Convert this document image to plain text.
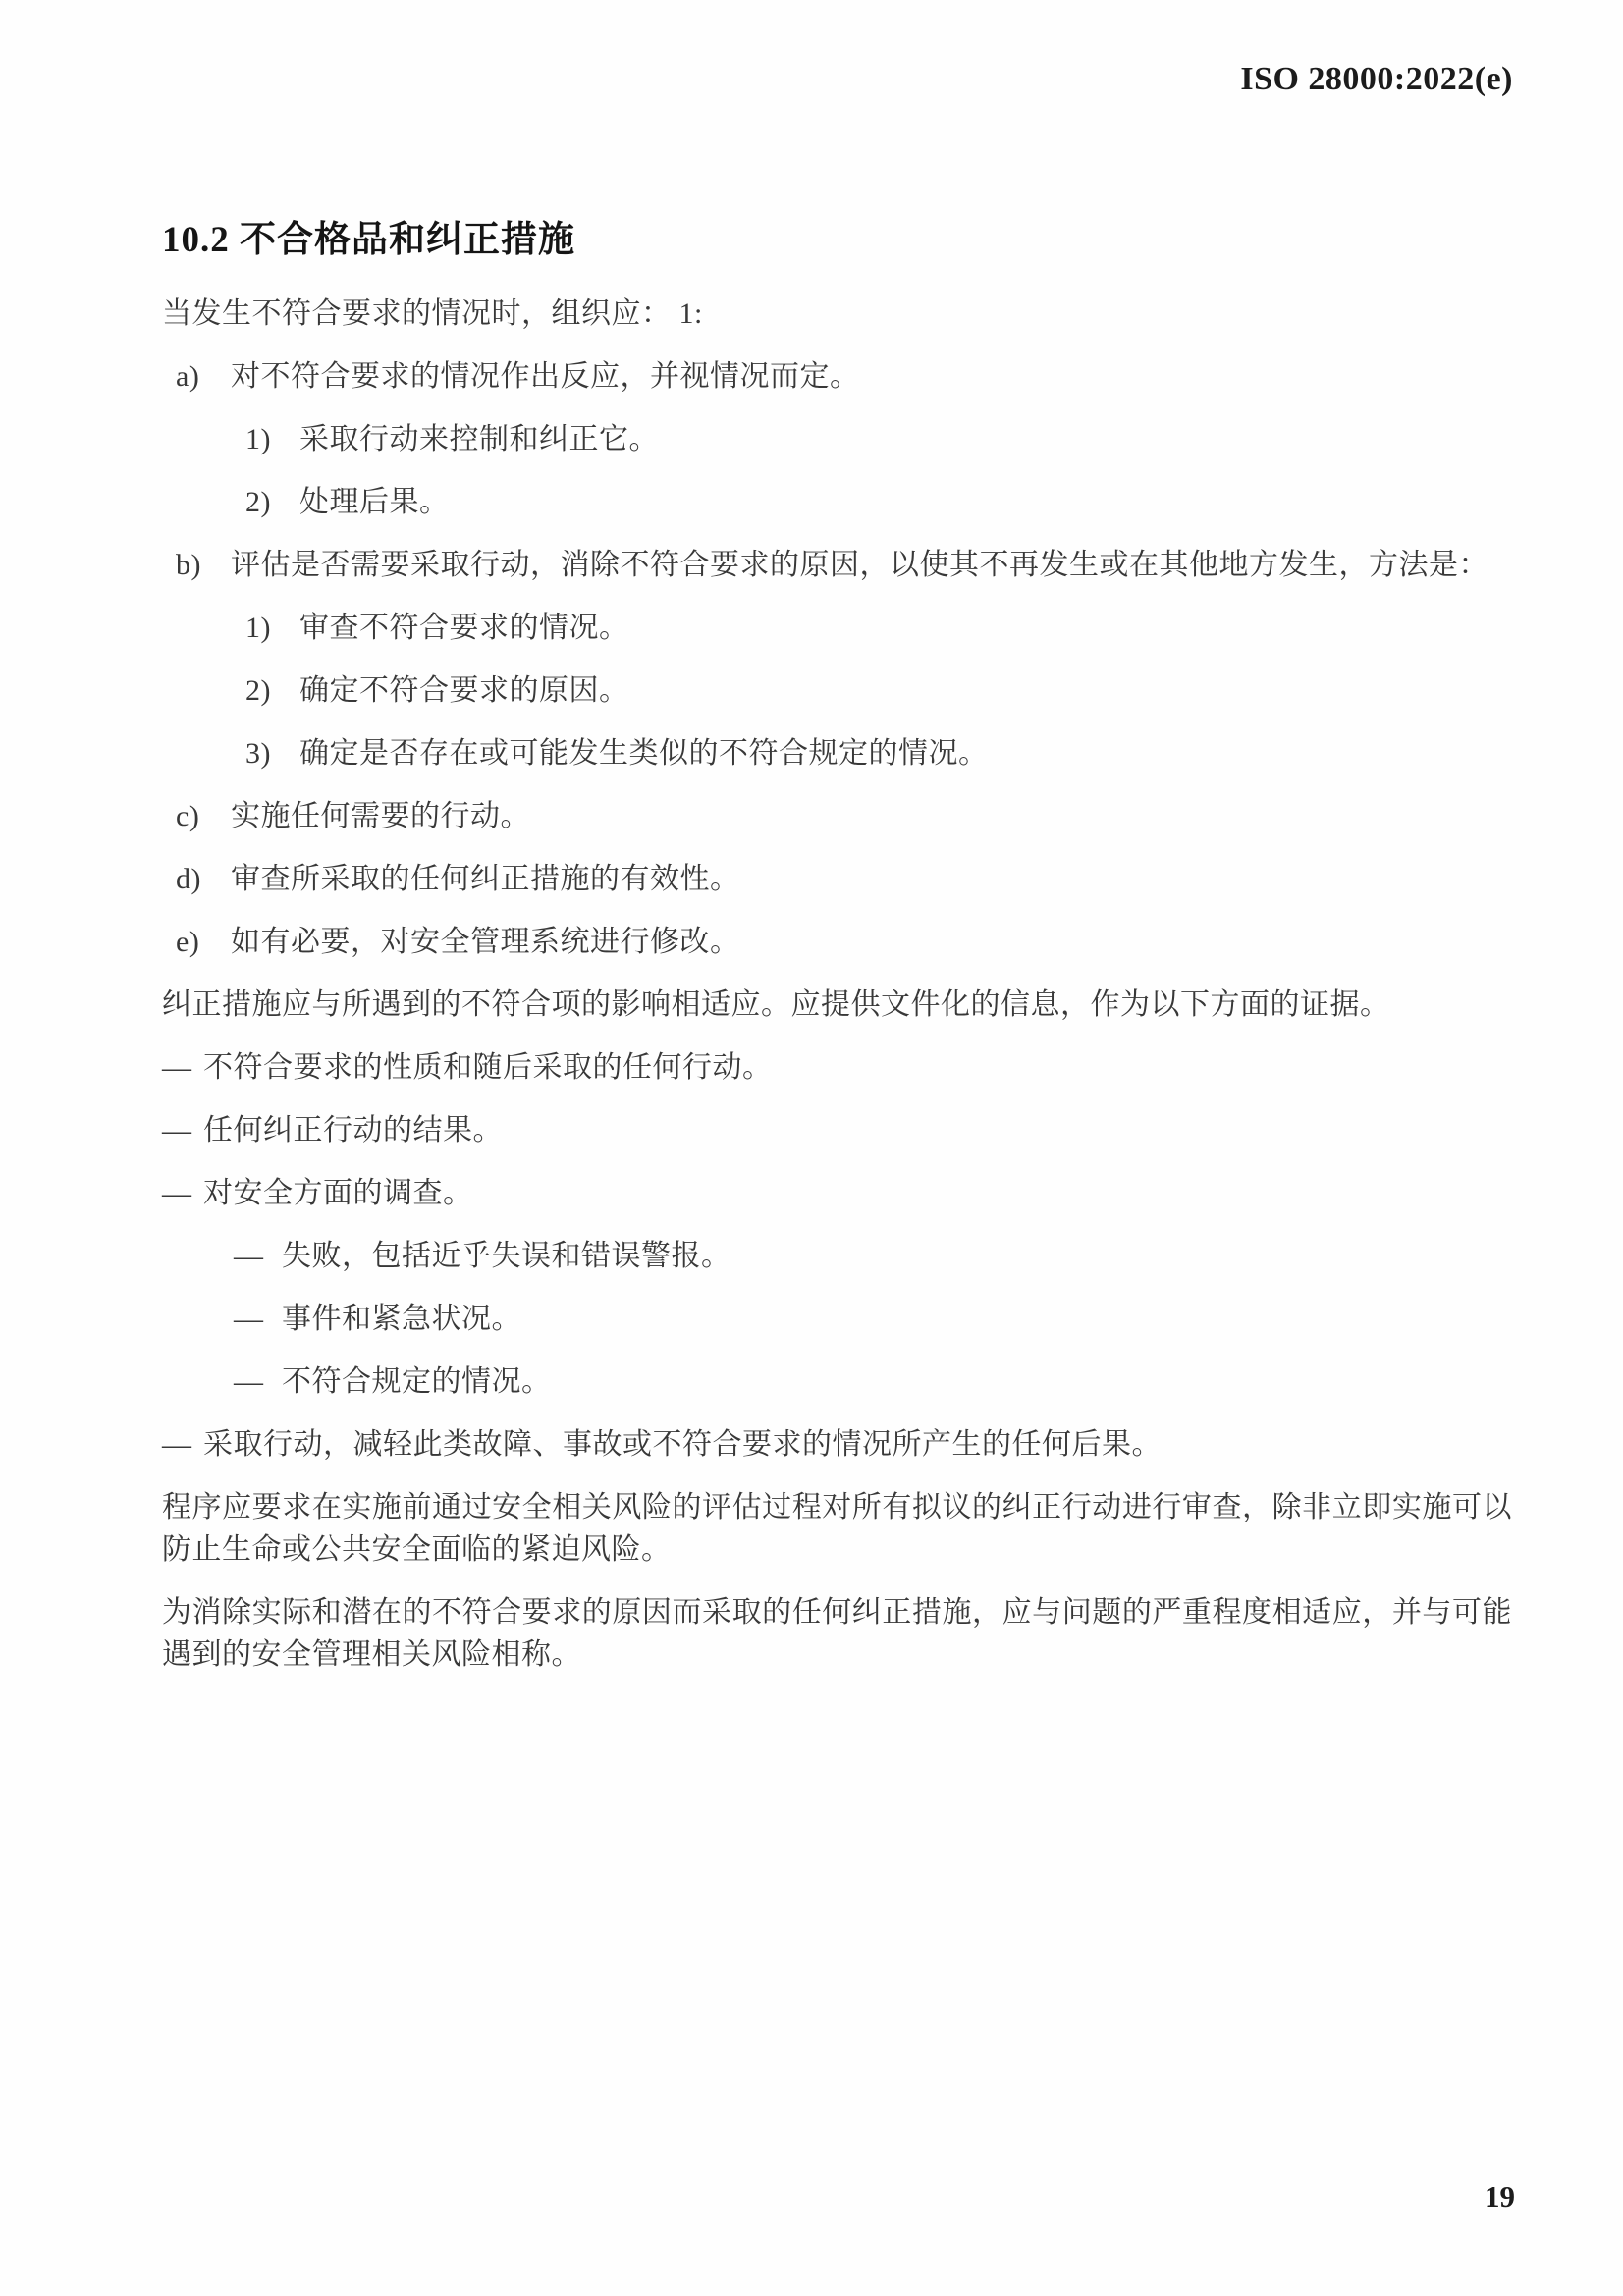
ISO 28000:2022(e)
10.2 不合格品和纠正措施

当发生不符合要求的情况时，组织应： 1:

a)	对不符合要求的情况作出反应，并视情况而定。
1) 采取行动来控制和纠正它。
2) 处理后果。
b)	评估是否需要采取行动，消除不符合要求的原因，以使其不再发生或在其他地方发生，方法是：
1) 审查不符合要求的情况。
2) 确定不符合要求的原因。
3) 确定是否存在或可能发生类似的不符合规定的情况。
c)	实施任何需要的行动。
d)	审查所采取的任何纠正措施的有效性。
e)	如有必要，对安全管理系统进行修改。

纠正措施应与所遇到的不符合项的影响相适应。应提供文件化的信息，作为以下方面的证据。

— 不符合要求的性质和随后采取的任何行动。
— 任何纠正行动的结果。
— 对安全方面的调查。
— 失败，包括近乎失误和错误警报。
— 事件和紧急状况。
— 不符合规定的情况。
— 采取行动，减轻此类故障、事故或不符合要求的情况所产生的任何后果。

程序应要求在实施前通过安全相关风险的评估过程对所有拟议的纠正行动进行审查，除非立即实施可以防止生命或公共安全面临的紧迫风险。

为消除实际和潜在的不符合要求的原因而采取的任何纠正措施，应与问题的严重程度相适应，并与可能遇到的安全管理相关风险相称。

19
